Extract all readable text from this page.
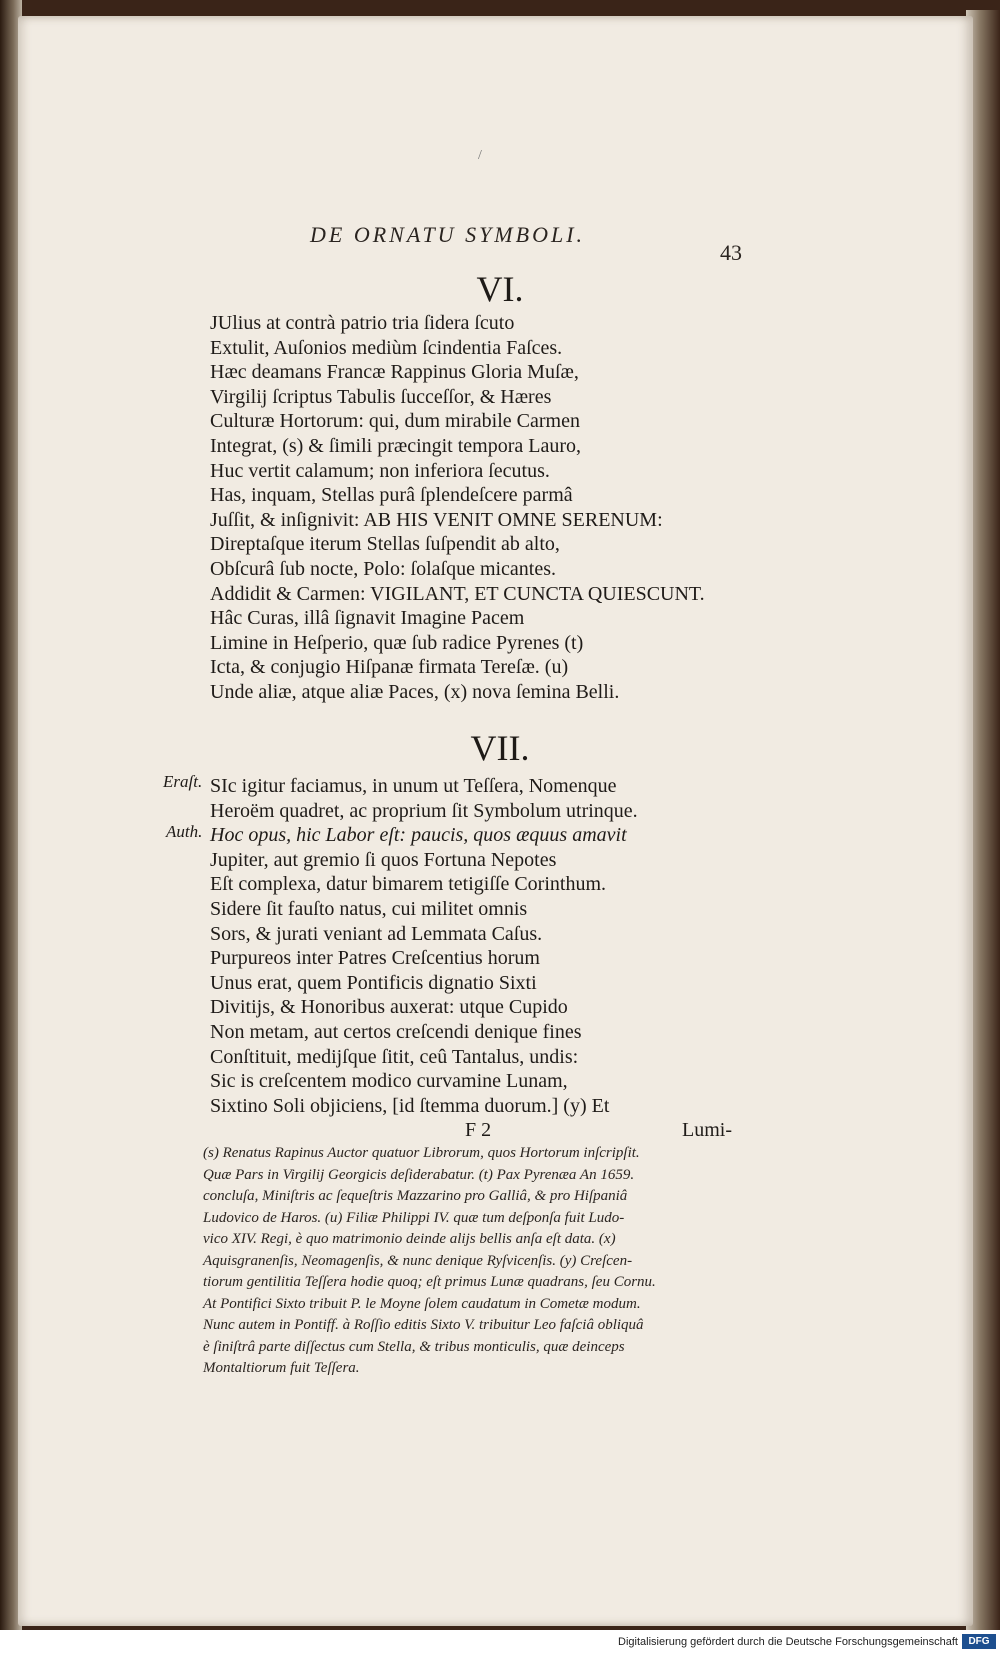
/
DE ORNATU SYMBOLI.
43
VI.
JUlius at contrà patrio tria ſidera ſcuto
Extulit, Auſonios mediùm ſcindentia Faſces.
Hæc deamans Francæ Rappinus Gloria Muſæ,
Virgilij ſcriptus Tabulis ſucceſſor, & Hæres
Culturæ Hortorum: qui, dum mirabile Carmen
Integrat, (s) & ſimili præcingit tempora Lauro,
Huc vertit calamum; non inferiora ſecutus.
Has, inquam, Stellas purâ ſplendeſcere parmâ
Juſſit, & inſignivit: AB HIS VENIT OMNE SERENUM:
Direptaſque iterum Stellas ſuſpendit ab alto,
Obſcurâ ſub nocte, Polo: ſolaſque micantes.
Addidit & Carmen: VIGILANT, ET CUNCTA QUIESCUNT.
Hâc Curas, illâ ſignavit Imagine Pacem
Limine in Heſperio, quæ ſub radice Pyrenes (t)
Icta, & conjugio Hiſpanæ firmata Tereſæ. (u)
Unde aliæ, atque aliæ Paces, (x) nova ſemina Belli.
VII.
Eraſt.
Auth.
SIc igitur faciamus, in unum ut Teſſera, Nomenque
Heroëm quadret, ac proprium ſit Symbolum utrinque.
Hoc opus, hic Labor eſt: paucis, quos æquus amavit
Jupiter, aut gremio ſi quos Fortuna Nepotes
Eſt complexa, datur bimarem tetigiſſe Corinthum.
Sidere ſit fauſto natus, cui militet omnis
Sors, & jurati veniant ad Lemmata Caſus.
Purpureos inter Patres Creſcentius horum
Unus erat, quem Pontificis dignatio Sixti
Divitijs, & Honoribus auxerat: utque Cupido
Non metam, aut certos creſcendi denique fines
Conſtituit, medijſque ſitit, ceû Tantalus, undis:
Sic is creſcentem modico curvamine Lunam,
Sixtino Soli objiciens, [id ſtemma duorum.] (y) Et
F 2	Lumi-
(s) Renatus Rapinus Auctor quatuor Librorum, quos Hortorum inſcripſit.
Quæ Pars in Virgilij Georgicis deſiderabatur. (t) Pax Pyrenæa An 1659.
concluſa, Miniſtris ac ſequeſtris Mazzarino pro Galliâ, & pro Hiſpaniâ
Ludovico de Haros. (u) Filiæ Philippi IV. quæ tum deſponſa fuit Ludo-
vico XIV. Regi, è quo matrimonio deinde alijs bellis anſa eſt data. (x)
Aquisgranenſis, Neomagenſis, & nunc denique Ryſvicenſis. (y) Creſcen-
tiorum gentilitia Teſſera hodie quoq; eſt primus Lunæ quadrans, ſeu Cornu.
At Pontifici Sixto tribuit P. le Moyne ſolem caudatum in Cometæ modum.
Nunc autem in Pontiff. à Roſſio editis Sixto V. tribuitur Leo faſciâ obliquâ
è ſiniſtrâ parte diſſectus cum Stella, & tribus monticulis, quæ deinceps
Montaltiorum fuit Teſſera.
Digitalisierung gefördert durch die Deutsche Forschungsgemeinschaft	DFG
